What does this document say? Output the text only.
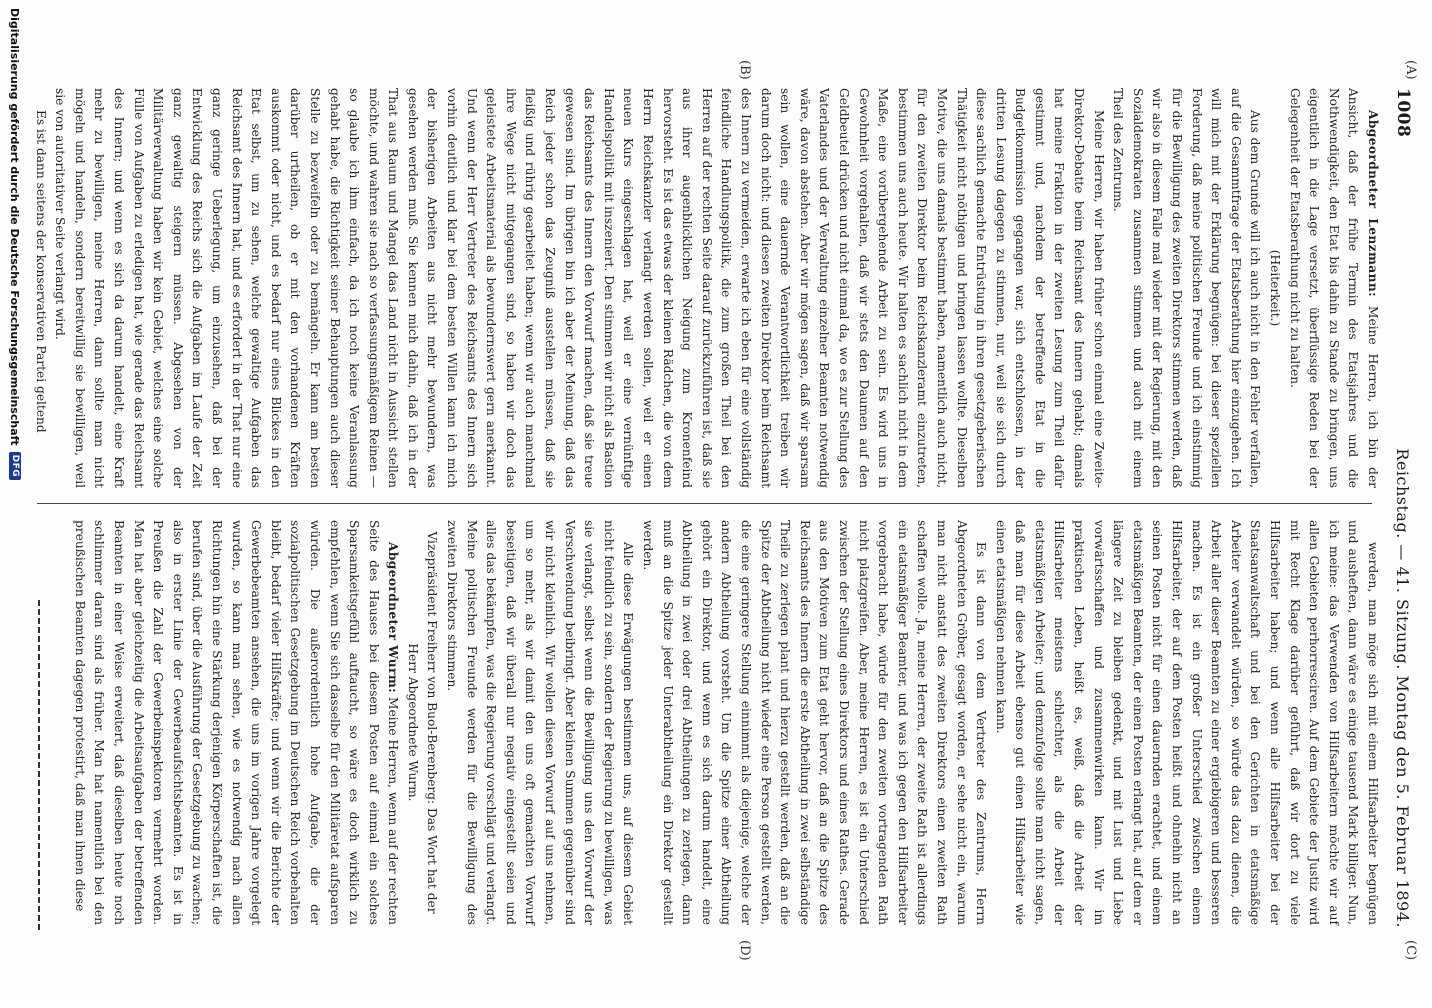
1008
Reichstag. — 41. Sitzung. Montag den 5. Februar 1894.
(A)
(B)
(C)
(D)

Abgeordneter Lenzmann: Meine Herren, ich bin der Ansicht, daß der frühe Termin des Etatsjahres und die Nothwendigkeit, den Etat bis dahin zu Stande zu bringen, uns eigentlich in die Lage versetzt, überflüssige Reden bei der Gelegenheit der Etatsberathung nicht zu halten.

(Heiterkeit.)

Aus dem Grunde will ich auch nicht in den Fehler verfallen, auf die Gesammtfrage der Etatsberathung hier einzugehen. Ich will mich mit der Erklärung begnügen: bei dieser speziellen Forderung, daß meine politischen Freunde und ich einstimmig für die Bewilligung des zweiten Direktors stimmen werden, daß wir also in diesem Falle mal wieder mit der Regierung, mit den Sozialdemokraten zusammen stimmen und auch mit einem Theil des Zentrums.

Meine Herren, wir haben früher schon einmal eine Zweite-Direktor-Debatte beim Reichsamt des Innern gehabt; damals hat meine Fraktion in der zweiten Lesung zum Theil dafür gestimmt und, nachdem der betreffende Etat in die Budgetkommission gegangen war, sich entschlossen, in der dritten Lesung dagegen zu stimmen, nur, weil sie sich durch diese sachlich gemachte Entrüstung in ihren gesetzgeberischen Thätigkeit nicht nöthigen und bringen lassen wollte. Dieselben Motive, die uns damals bestimmt haben, namentlich auch nicht, für den zweiten Direktor beim Reichskanzleramt einzutreten, bestimmen uns auch heute. Wir halten es sachlich nicht in dem Maße, eine vorübergehende Arbeit zu sein. Es wird uns in Gewohnheit vorgehalten, daß wir stets den Daumen auf den Geldbeutel drücken und nicht einmal da, wo es zur Stellung des Vaterlandes und der Verwaltung einzelner Beamten notwendig wäre, davon abstehen. Aber wir mögen sagen, daß wir sparsam sein wollen, eine dauernde Verantwortlichkeit treiben wir darum doch nicht: und diesen zweiten Direktor beim Reichsamt des Innern zu vermeiden, erwarte ich eben für eine vollständig feindliche Handlungspolitik, die zum großen Theil bei den Herren auf der rechten Seite darauf zurückzuführen ist, daß sie aus ihrer augenblicklichen Neigung zum Kronenfeind hervorsteht. Es ist das etwas der kleinen Rädchen, die von dem Herrn Reichskanzler verlangt werden sollen, weil er einen neuen Kurs eingeschlagen hat, weil er eine vernünftige Handelspolitik mit inszeniert. Den stimmen wir nicht als Bastion das Reichsamts des Innern den Vorwurf machen, daß sie treue gewesen sind. Im übrigen bin ich aber der Meinung, daß das Reich jeder schon das Zeugniß ausstellen müssen, daß sie fleißig und rührig gearbeitet haben; wenn wir auch manchmal ihre Wege nicht mitgegangen sind, so haben wir doch das geleistete Arbeitsmaterial als bewundernswert gern anerkannt. Und wenn der Herr Vertreter des Reichsamts des Innern sich vorhin deutlich und klar bei dem besten Willen kann ich mich der bisherigen Arbeiten aus nicht mehr bewundern, was gesehen werden muß. Sie kennen mich dahin, daß ich in der That aus Raum und Mangel das Land nicht in Aussicht stellen möchte, und wahren sie nach so verfassungsmäßigem Reinen — so glaube ich ihm einfach, da ich noch keine Veranlassung gehabt habe, die Richtigkeit seiner Behauptungen auch dieser Stelle zu bezweifeln oder zu bemängeln. Er kann am besten darüber urtheilen, ob er mit den vorhandenen Kräften auskommt oder nicht, und es bedarf nur eines Blickes in den Etat selbst, um zu sehen, welche gewaltige Aufgaben das Reichsamt des Innern hat, und es erfordert in der That nur eine ganz geringe Ueberlegung, um einzusehen, daß bei der Entwicklung des Reichs sich die Aufgaben im Laufe der Zeit ganz gewaltig steigern müssen. Abgesehen von der Militärverwaltung haben wir kein Gebiet, welches eine solche Fülle von Aufgaben zu erledigen hat, wie gerade das Reichsamt des Innern; und wenn es sich da darum handelt, eine Kraft mehr zu bewilligen, meine Herren, dann sollte man nicht mögeln und handeln, sondern bereitwillig sie bewilligen, weil sie von autoritativer Seite verlangt wird.

Es ist dann seitens der konservativen Partei geltend

werden, man möge sich mit einem Hilfsarbeiter begnügen und ausheften, dann wäre es einige tausend Mark billiger. Nun, ich meine: das Verwenden von Hilfsarbeitern möchte wir auf allen Gebieten perhorresciren. Auf dem Gebiete der Justiz wird mit Recht Klage darüber geführt, daß wir dort zu viele Hilfsarbeiter haben; und wenn alle Hilfsarbeiter bei der Staatsanwaltschaft und bei den Gerichten in etatsmäßige Arbeiter verwandelt würden, so würde das dazu dienen, die Arbeit aller dieser Beamten zu einer ergiebigeren und besseren machen. Es ist ein großer Unterschied zwischen einem Hilfsarbeiter, der auf dem Posten heißt und ohnehin nicht an seinen Posten nicht für einen dauernden erachtet, und einem etatsmäßigen Beamten, der einen Posten erlangt hat, auf dem er längere Zeit zu bleiben gedenkt, und mit Lust und Liebe vorwärtsschaffen und zusammenwirken kann. Wir im praktischen Leben, heißt es, weiß, daß die Arbeit der Hilfsarbeiter meistens schlechter, als die Arbeit der etatsmäßigen Arbeiter; und demzufolge sollte man nicht sagen, daß man für diese Arbeit ebenso gut einen Hilfsarbeiter wie einen etatsmäßigen nehmen kann.

Es ist dann von dem Vertreter des Zentrums, Herrn Abgeordneten Gröber, gesagt worden, er sehe nicht ein, warum man nicht anstatt des zweiten Direktors einen zweiten Rath schaffen wolle. Ja, meine Herren, der zweite Rath ist allerdings ein etatsmäßiger Beamter, und was ich gegen den Hilfsarbeiter vorgebracht habe, würde für den zweiten vortragenden Rath nicht platzgreifen. Aber, meine Herren, es ist ein Unterschied zwischen der Stellung eines Direktors und eines Rathes. Gerade aus den Motiven zum Etat geht hervor, daß an die Spitze des Reichsamts des Innern die erste Abtheilung in zwei selbständige Theile zu zerlegen plant und hierzu gestellt werden, daß an die Spitze der Abtheilung nicht wieder eine Person gestellt werden, die eine geringere Stellung einnimmt als diejenige, welche der andern Abtheilung vorsteht. Um die Spitze einer Abtheilung gehört ein Direktor, und wenn es sich darum handelt, eine Abtheilung in zwei oder drei Abtheilungen zu zerlegen, dann muß an die Spitze jeder Unterabtheilung ein Direktor gestellt werden.

Alle diese Erwägungen bestimmen uns, auf diesem Gebiet nicht feindlich zu sein, sondern der Regierung zu bewilligen, was sie verlangt, selbst wenn die Bewilligung uns den Vorwurf der Verschwendung beibringt. Aber kleinen Summen gegenüber sind wir nicht kleinlich. Wir wollen diesen Vorwurf auf uns nehmen, um so mehr, als wir damit den uns oft gemachten Vorwurf beseitigen, daß wir überall nur negativ eingestellt seien und alles das bekämpfen, was die Regierung vorschlägt und verlangt. Meine politischen Freunde werden für die Bewilligung des zweiten Direktors stimmen.

Vizepräsident Freiherr von Buol-Berenberg: Das Wort hat der Herr Abgeordnete Wurm.

Abgeordneter Wurm: Meine Herren, wenn auf der rechten Seite des Hauses bei diesem Posten auf einmal ein solches Sparsamkeitsgefühl auftaucht, so wäre es doch wirklich zu empfehlen, wenn Sie sich dasselbe für den Militäretat aufsparen würden. Die außerordentlich hohe Aufgabe, die der sozialpolitischen Gesetzgebung im Deutschen Reich vorbehalten bleibt, bedarf vieler Hilfskräfte; und wenn wir die Berichte der Gewerbebeamten ansehen, die uns im vorigen Jahre vorgelegt wurden, so kann man sehen, wie es notwendig nach allen Richtungen hin eine Stärkung derjenigen Körperschaften ist, die berufen sind, über die Ausführung der Gesetzgebung zu wachen; also in erster Linie der Gewerbeaufsichtsbeamten. Es ist in Preußen die Zahl der Gewerbeinspektoren vermehrt worden. Man hat aber gleichzeitig die Arbeitsaufgaben der betreffenden Beamten in einer Weise erweitert, daß dieselben heute noch schlimmer daran sind als früher. Man hat namentlich bei den preußischen Beamten dagegen protestirt, daß man ihnen diese

Digitalisierung gefördert durch die Deutsche Forschungsgemeinschaft
DFG
